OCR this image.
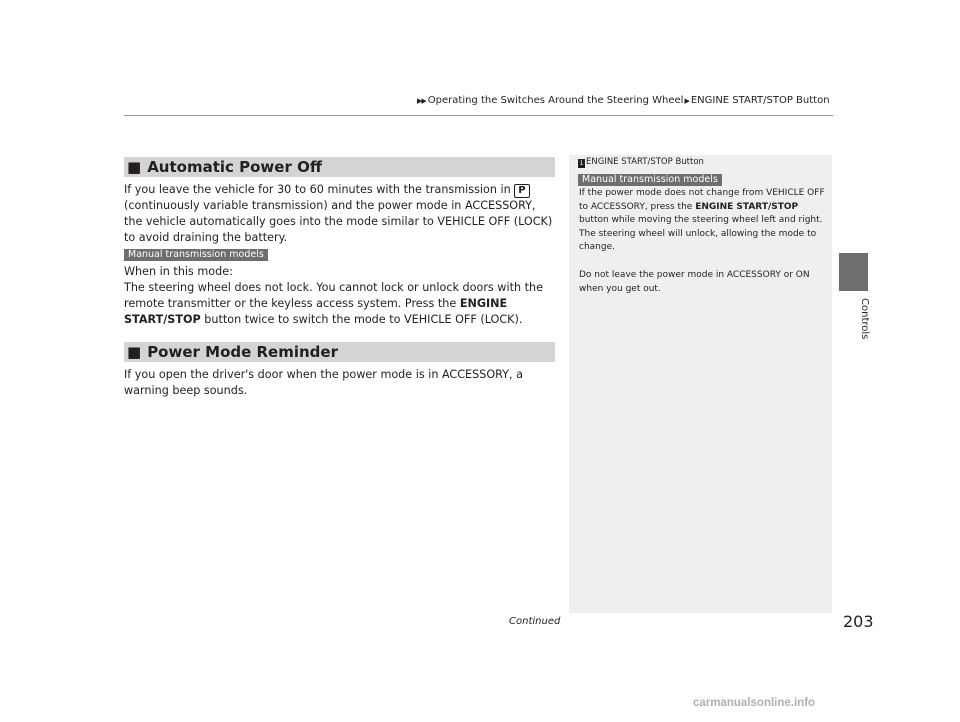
▶▶ Operating the Switches Around the Steering Wheel▶ ENGINE START/STOP Button
■ Automatic Power Off

If you leave the vehicle for 30 to 60 minutes with the transmission in P (continuously variable transmission) and the power mode in ACCESSORY, the vehicle automatically goes into the mode similar to VEHICLE OFF (LOCK) to avoid draining the battery.

Manual transmission models

When in this mode:

The steering wheel does not lock. You cannot lock or unlock doors with the remote transmitter or the keyless access system. Press the ENGINE START/STOP button twice to switch the mode to VEHICLE OFF (LOCK).

■ Power Mode Reminder

If you open the driver's door when the power mode is in ACCESSORY, a warning beep sounds.

1 ENGINE START/STOP Button
Manual transmission models

If the power mode does not change from VEHICLE OFF to ACCESSORY, press the ENGINE START/STOP button while moving the steering wheel left and right. The steering wheel will unlock, allowing the mode to change.

Do not leave the power mode in ACCESSORY or ON when you get out.

Controls
Continued	203
carmanualsonline.info
